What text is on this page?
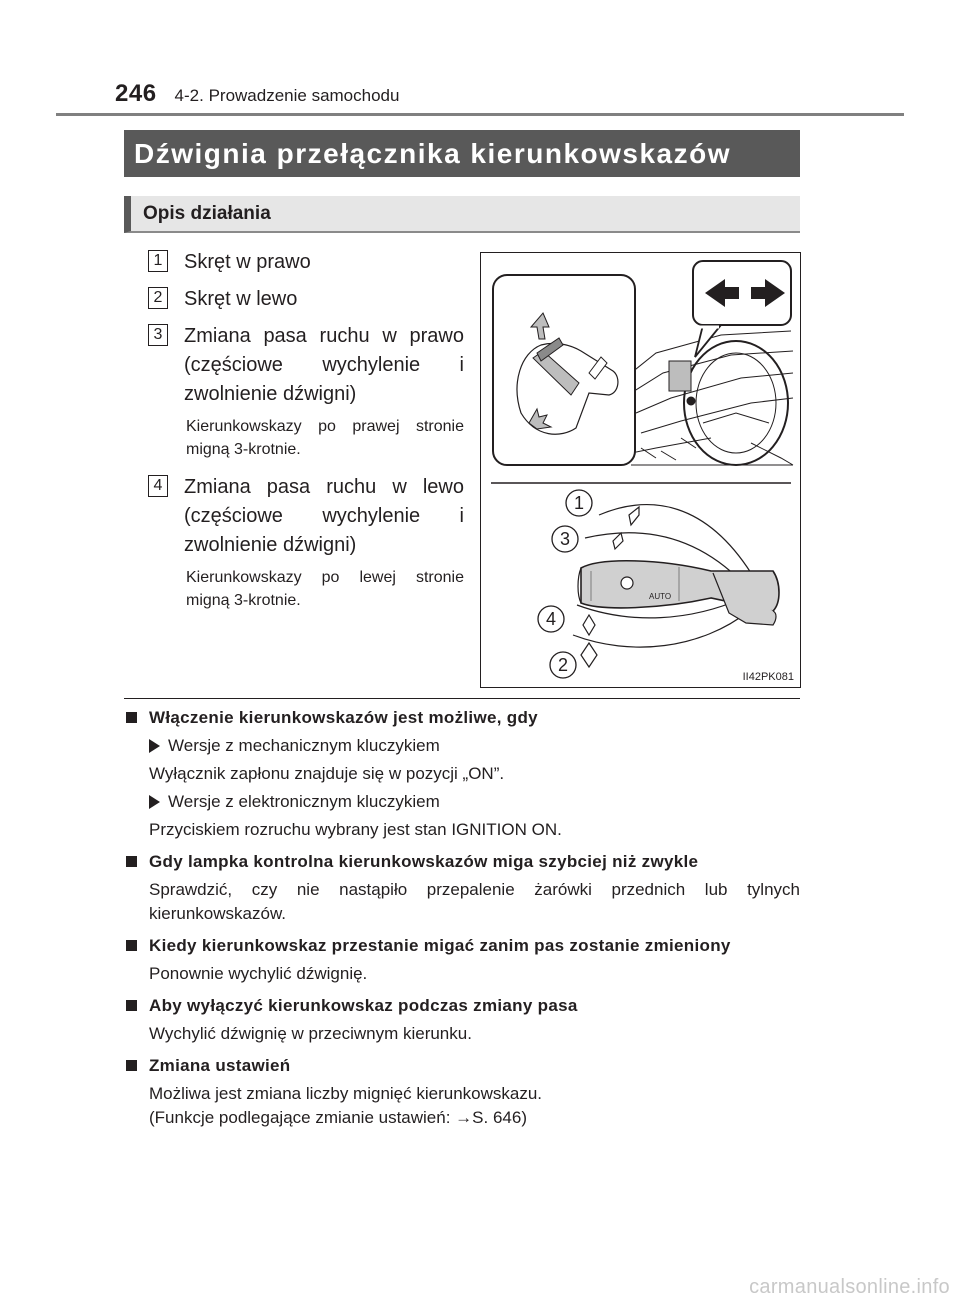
246 4-2. Prowadzenie samochodu
Dźwignia przełącznika kierunkowskazów
Opis działania
1 Skręt w prawo
2 Skręt w lewo
3 Zmiana pasa ruchu w prawo (częściowe wychylenie i zwolnienie dźwigni)
Kierunkowskazy po prawej stronie migną 3-krotnie.
4 Zmiana pasa ruchu w lewo (częściowe wychylenie i zwolnienie dźwigni)
Kierunkowskazy po lewej stronie migną 3-krotnie.	AUTO
1
3
4
2
II42PK081
Włączenie kierunkowskazów jest możliwe, gdy
Wersje z mechanicznym kluczykiem
Wyłącznik zapłonu znajduje się w pozycji „ON”.
Wersje z elektronicznym kluczykiem
Przyciskiem rozruchu wybrany jest stan IGNITION ON.
Gdy lampka kontrolna kierunkowskazów miga szybciej niż zwykle
Sprawdzić, czy nie nastąpiło przepalenie żarówki przednich lub tylnych kierunkowskazów.
Kiedy kierunkowskaz przestanie migać zanim pas zostanie zmieniony
Ponownie wychylić dźwignię.
Aby wyłączyć kierunkowskaz podczas zmiany pasa
Wychylić dźwignię w przeciwnym kierunku.
Zmiana ustawień
Możliwa jest zmiana liczby mignięć kierunkowskazu.
(Funkcje podlegające zmianie ustawień: →S. 646)
carmanualsonline.info
